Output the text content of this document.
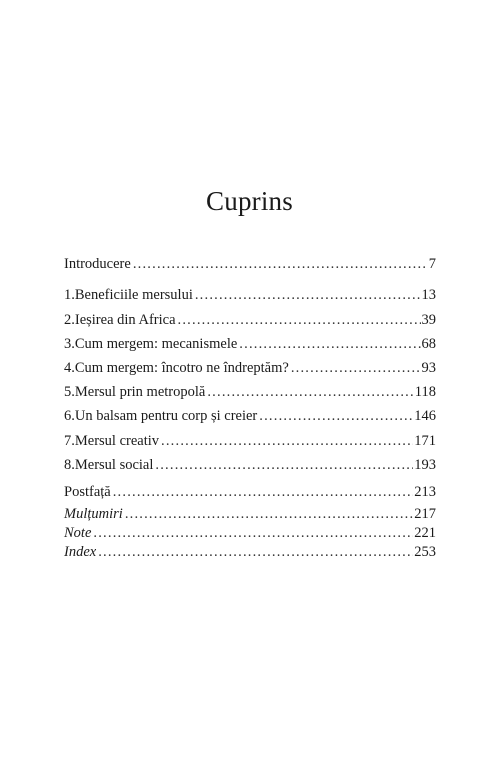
Cuprins
Introducere .....	7
1. Beneficiile mersului .....	13
2. Ieșirea din Africa .....	39
3. Cum mergem: mecanismele .....	68
4. Cum mergem: încotro ne îndreptăm? .....	93
5. Mersul prin metropolă .....	118
6. Un balsam pentru corp și creier .....	146
7. Mersul creativ .....	171
8. Mersul social .....	193
Postfață .....	213
Mulțumiri .....	217
Note .....	221
Index .....	253
